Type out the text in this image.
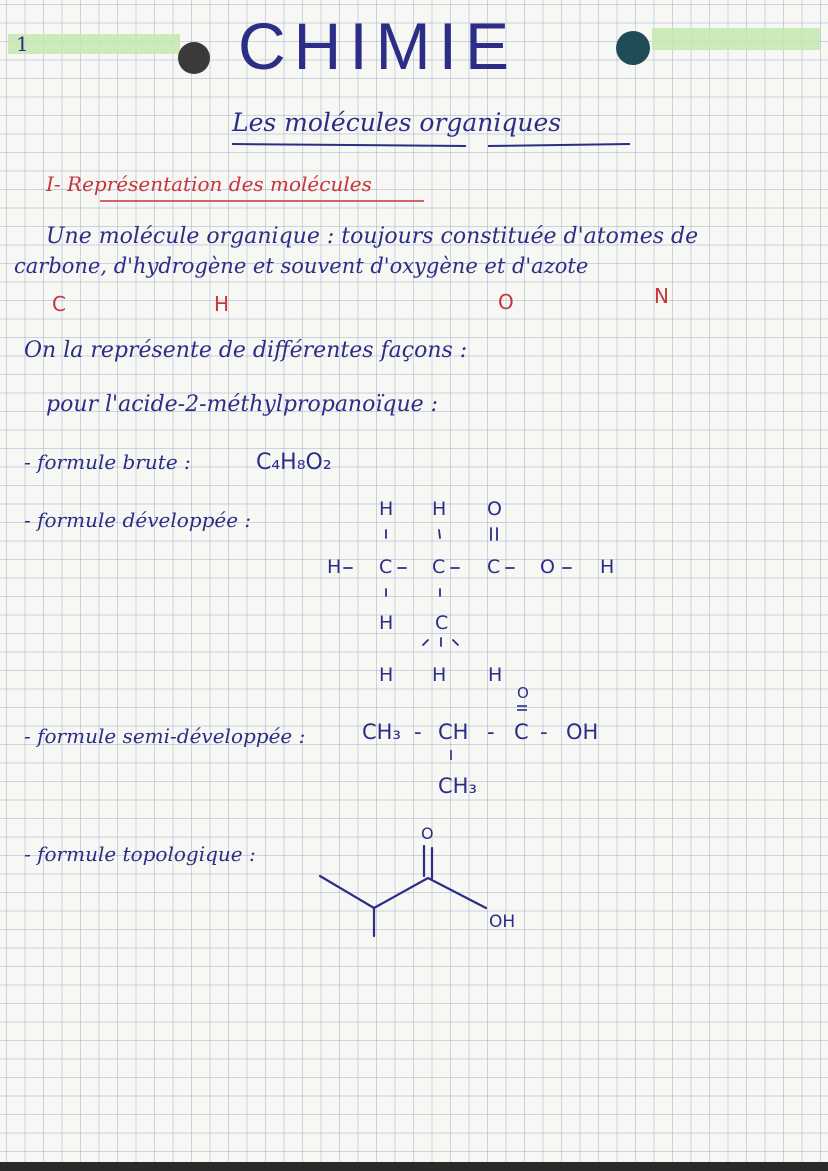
1	CHIMIE
Les molécules organiques
I- Représentation des molécules
Une molécule organique : toujours constituée d'atomes de
carbone, d'hydrogène et souvent d'oxygène et d'azote
C	H	O	N
On la représente de différentes façons :
pour l'acide-2-méthylpropanoïque :
- formule brute :	C₄H₈O₂
- formule développée :	H H O
H C C C O H
H C
H H H
- formule semi-développée :
O
CH₃ - CH - C - OH
CH₃
- formule topologique :
O
OH
